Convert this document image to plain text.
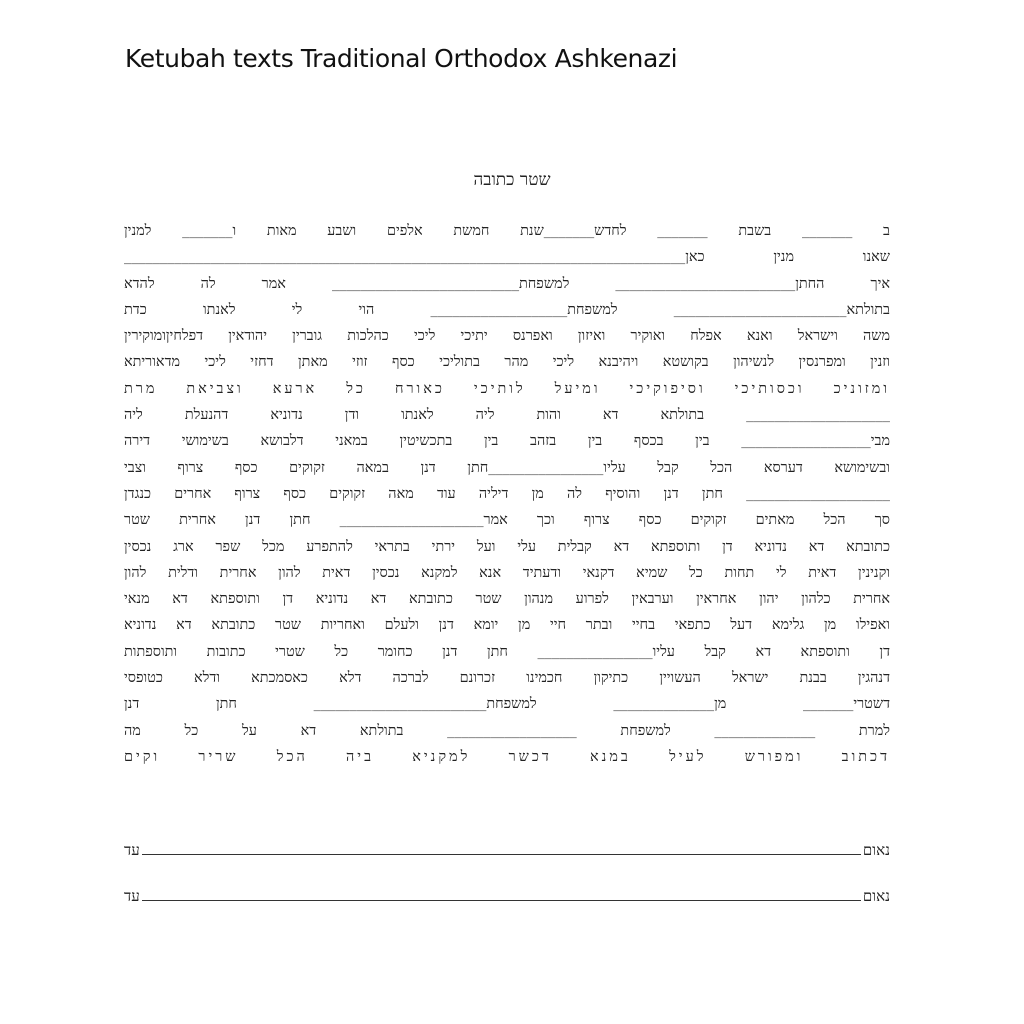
Ketubah texts Traditional Orthodox Ashkenazi
שטר כתובה
ב _______ בשבת _______ לחדש_______שנת חמשת אלפים ושבע מאות ו_______ למנין
שאנו מנין כאן______________________________________________________________________________
איך החתן_________________________ למשפחת__________________________ אמר לה להדא
בתולתא________________________ למשפחת___________________ הוי לי לאנתו כדת
משה וישראל ואנא אפלח ואוקיר ואיזון ואפרנס יתיכי ליכי כהלכות גוברין יהודאין דפלחיןומוקירין
וזנין ומפרנסין לנשיהון בקושטא ויהיבנא ליכי מהר בתוליכי כסף זוזי מאתן דחזי ליכי מדאוריתא
ומזוניכ וכסותיכי וסיפוקיכי ומיעל לותיכי כאורח כל ארעא וצביאת מרת
____________________ בתולתא דא והות ליה לאנתו ודן נדוניא דהנעלת ליה
מבי__________________ בין בכסף בין בזהב בין בתכשיטין במאני דלבושא בשימושי דירה
ובשימושא דערסא הכל קבל עליו________________חתן דנן במאה זקוקים כסף צרוף וצבי
____________________ חתן דנן והוסיף לה מן דיליה עוד מאה זקוקים כסף צרוף אחרים כנגדן
סך הכל מאתים זקוקים כסף צרוף וכך אמר____________________ חתן דנן אחרית שטר
כתובתא דא נדוניא דן ותוספתא דא קבלית עלי ועל ירתי בתראי להתפרע מכל שפר ארג נכסין
וקנינין דאית לי תחות כל שמיא דקנאי ודעתיד אנא למקנא נכסין דאית להון אחרית ודלית להון
אחרית כלהון יהון אחראין וערבאין לפרוע מנהון שטר כתובתא דא נדוניא דן ותוספתא דא מנאי
ואפילו מן גלימא דעל כתפאי בחיי ובתר חיי מן יומא דנן ולעלם ואחריות שטר כתובתא דא נדוניא
דן ותוספתא דא קבל עליו________________ חתן דנן כחומר כל שטרי כתובות ותוספתות
דנהגין בבנת ישראל העשויין כתיקון חכמינו זכרונם לברכה דלא כאסמכתא ודלא כטופסי
דשטרי_______ מן______________ למשפחת________________________ חתן דנן
למרת ______________ למשפחת __________________ בתולתא דא על כל מה
דכתוב ומפורש לעיל במנא דכשר למקניא ביה הכל שריר וקים
נאום
עד
נאום
עד
